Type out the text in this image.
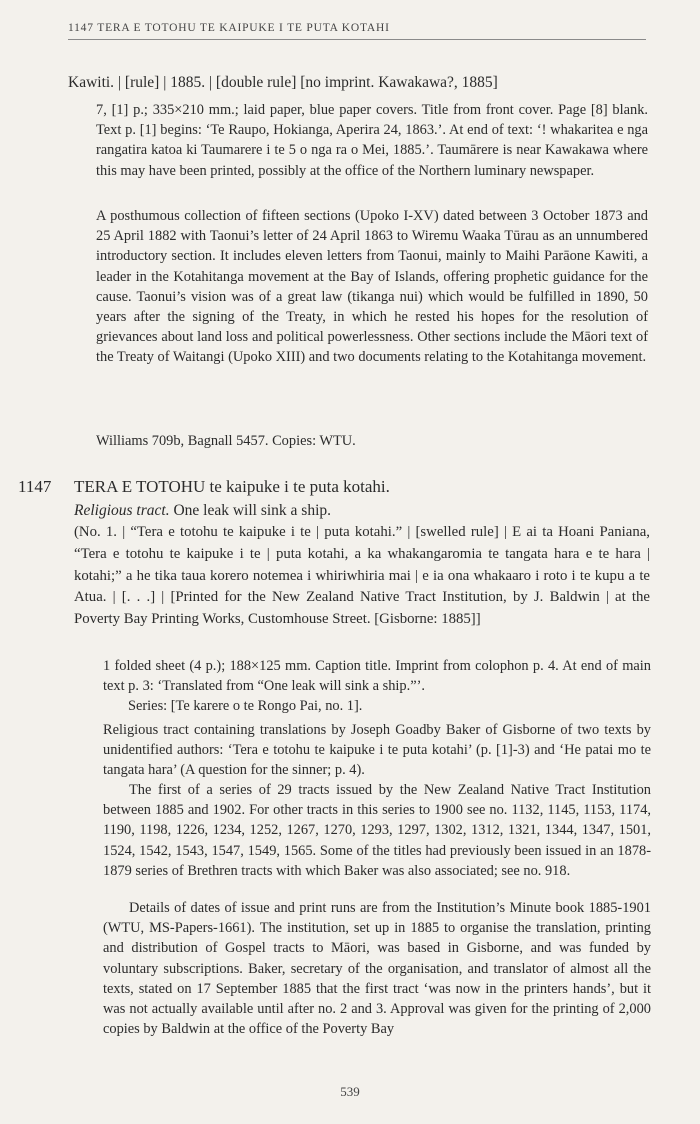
1147 TERA E TOTOHU TE KAIPUKE I TE PUTA KOTAHI
Kawiti. | [rule] | 1885. | [double rule] [no imprint. Kawakawa?, 1885]

7, [1] p.; 335×210 mm.; laid paper, blue paper covers. Title from front cover. Page [8] blank. Text p. [1] begins: ‘Te Raupo, Hokianga, Aperira 24, 1863.’. At end of text: ‘! whakaritea e nga rangatira katoa ki Taumarere i te 5 o nga ra o Mei, 1885.’. Taumārere is near Kawakawa where this may have been printed, possibly at the office of the Northern luminary newspaper.

A posthumous collection of fifteen sections (Upoko I-XV) dated between 3 October 1873 and 25 April 1882 with Taonui’s letter of 24 April 1863 to Wiremu Waaka Tūrau as an unnumbered introductory section. It includes eleven letters from Taonui, mainly to Maihi Parāone Kawiti, a leader in the Kotahitanga movement at the Bay of Islands, offering prophetic guidance for the cause. Taonui’s vision was of a great law (tikanga nui) which would be fulfilled in 1890, 50 years after the signing of the Treaty, in which he rested his hopes for the resolution of grievances about land loss and political powerlessness. Other sections include the Māori text of the Treaty of Waitangi (Upoko XIII) and two documents relating to the Kotahitanga movement.

Williams 709b, Bagnall 5457. Copies: WTU.

1147 TERA E TOTOHU te kaipuke i te puta kotahi.
Religious tract. One leak will sink a ship.

(No. 1. | “Tera e totohu te kaipuke i te | puta kotahi.” | [swelled rule] | E ai ta Hoani Paniana, “Tera e totohu te kaipuke i te | puta kotahi, a ka whakangaromia te tangata hara e te hara | kotahi;” a he tika taua korero notemea i whiriwhiria mai | e ia ona whakaaro i roto i te kupu a te Atua. | [. . .] | [Printed for the New Zealand Native Tract Institution, by J. Baldwin | at the Poverty Bay Printing Works, Customhouse Street. [Gisborne: 1885]]

1 folded sheet (4 p.); 188×125 mm. Caption title. Imprint from colophon p. 4. At end of main text p. 3: ‘Translated from “One leak will sink a ship.”’.

Series: [Te karere o te Rongo Pai, no. 1].

Religious tract containing translations by Joseph Goadby Baker of Gisborne of two texts by unidentified authors: ‘Tera e totohu te kaipuke i te puta kotahi’ (p. [1]-3) and ‘He patai mo te tangata hara’ (A question for the sinner; p. 4).

The first of a series of 29 tracts issued by the New Zealand Native Tract Institution between 1885 and 1902. For other tracts in this series to 1900 see no. 1132, 1145, 1153, 1174, 1190, 1198, 1226, 1234, 1252, 1267, 1270, 1293, 1297, 1302, 1312, 1321, 1344, 1347, 1501, 1524, 1542, 1543, 1547, 1549, 1565. Some of the titles had previously been issued in an 1878-1879 series of Brethren tracts with which Baker was also associated; see no. 918.

Details of dates of issue and print runs are from the Institution’s Minute book 1885-1901 (WTU, MS-Papers-1661). The institution, set up in 1885 to organise the translation, printing and distribution of Gospel tracts to Māori, was based in Gisborne, and was funded by voluntary subscriptions. Baker, secretary of the organisation, and translator of almost all the texts, stated on 17 September 1885 that the first tract ‘was now in the printers hands’, but it was not actually available until after no. 2 and 3. Approval was given for the printing of 2,000 copies by Baldwin at the office of the Poverty Bay

539
